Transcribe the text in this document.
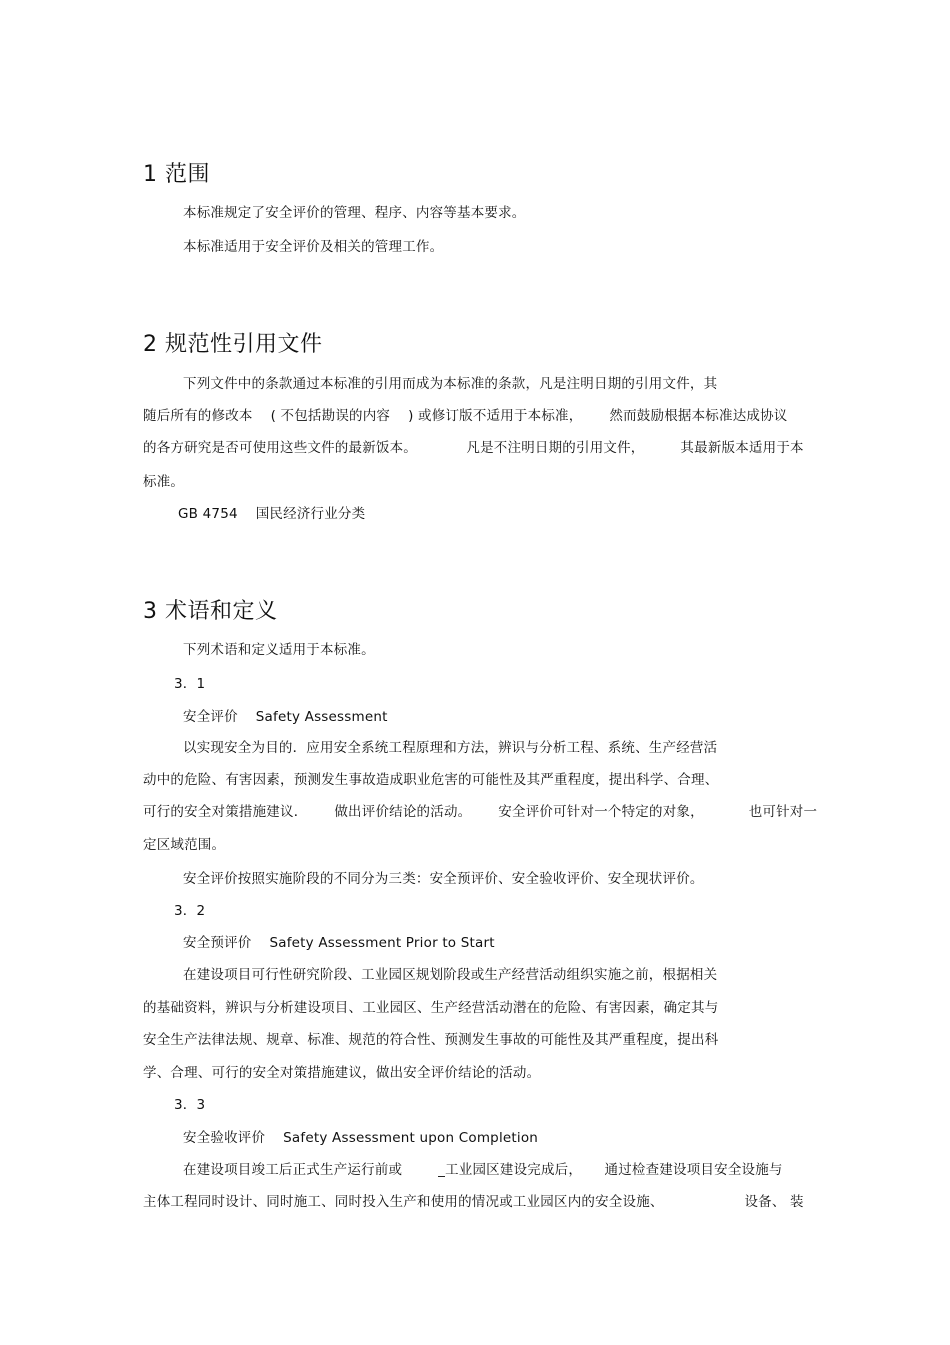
1 范围
本标准规定了安全评价的管理、程序、内容等基本要求。
本标准适用于安全评价及相关的管理工作。
2 规范性引用文件
下列文件中的条款通过本标准的引用而成为本标准的条款，凡是注明日期的引用文件，其
随后所有的修改本    ( 不包括勘误的内容    ) 或修订版不适用于本标准，      然而鼓励根据本标准达成协议
的各方研究是否可使用这些文件的最新饭本。           凡是不注明日期的引用文件，        其最新版本适用于本
标准。
GB 4754    国民经济行业分类
3 术语和定义
下列术语和定义适用于本标准。
3．1
安全评价    Safety Assessment
以实现安全为目的．应用安全系统工程原理和方法，辨识与分析工程、系统、生产经营活
动中的危险、有害因素，预测发生事故造成职业危害的可能性及其严重程度，提出科学、合理、
可行的安全对策措施建议．      做出评价结论的活动。      安全评价可针对一个特定的对象，          也可针对一
定区域范围。
安全评价按照实施阶段的不同分为三类：安全预评价、安全验收评价、安全现状评价。
3．2
安全预评价    Safety Assessment Prior to Start
在建设项目可行性研究阶段、工业园区规划阶段或生产经营活动组织实施之前，根据相关
的基础资料，辨识与分析建设项目、工业园区、生产经营活动潜在的危险、有害因素，确定其与
安全生产法律法规、规章、标准、规范的符合性、预测发生事故的可能性及其严重程度，提出科
学、合理、可行的安全对策措施建议，做出安全评价结论的活动。
3．3
安全验收评价    Safety Assessment upon Completion
在建设项目竣工后正式生产运行前或        _工业园区建设完成后，     通过检查建设项目安全设施与
主体工程同时设计、同时施工、同时投入生产和使用的情况或工业园区内的安全设施、                  设备、 装
